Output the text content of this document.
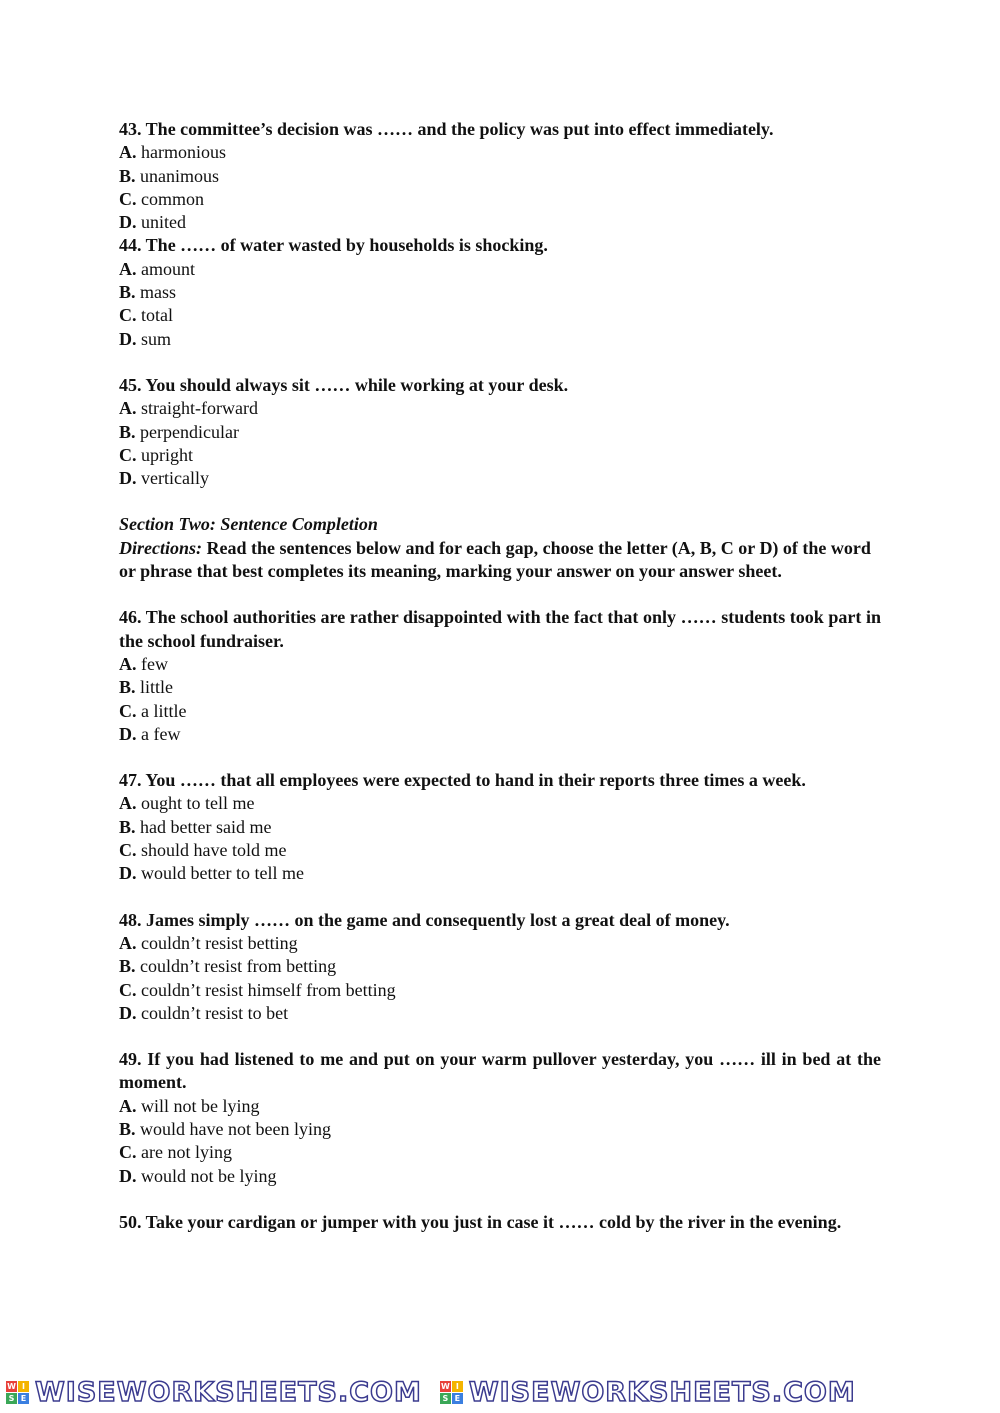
43. The committee’s decision was …… and the policy was put into effect immediately.
A. harmonious
B. unanimous
C. common
D. united
44. The …… of water wasted by households is shocking.
A. amount
B. mass
C. total
D. sum
45. You should always sit …… while working at your desk.
A. straight-forward
B. perpendicular
C. upright
D. vertically
Section Two: Sentence Completion
Directions: Read the sentences below and for each gap, choose the letter (A, B, C or D) of the word or phrase that best completes its meaning, marking your answer on your answer sheet.
46. The school authorities are rather disappointed with the fact that only …… students took part in the school fundraiser.
A. few
B. little
C. a little
D. a few
47. You …… that all employees were expected to hand in their reports three times a week.
A. ought to tell me
B. had better said me
C. should have told me
D. would better to tell me
48. James simply …… on the game and consequently lost a great deal of money.
A. couldn’t resist betting
B. couldn’t resist from betting
C. couldn’t resist himself from betting
D. couldn’t resist to bet
49. If you had listened to me and put on your warm pullover yesterday, you …… ill in bed at the moment.
A. will not be lying
B. would have not been lying
C. are not lying
D. would not be lying
50. Take your cardigan or jumper with you just in case it …… cold by the river in the evening.
W I
S E WISEWORKSHEETS.COM W I
S E WISEWORKSHEETS.COM
